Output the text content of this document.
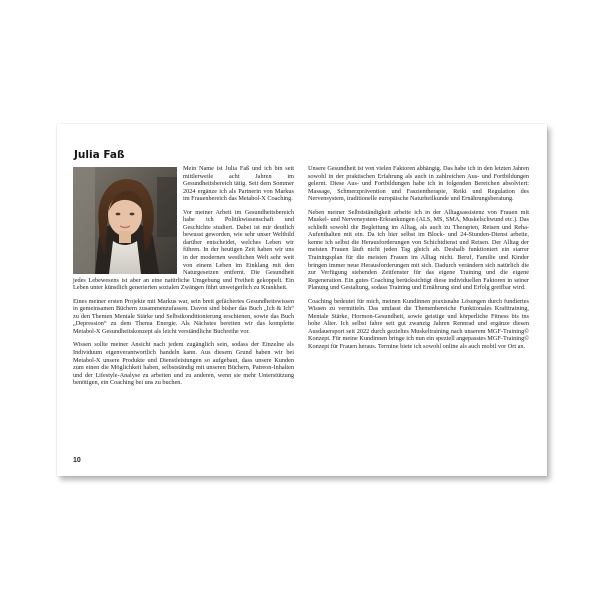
Julia Faß

Mein Name ist Julia Faß und ich bin seit mittlerweile acht Jahren im Gesundheitsbereich tätig. Seit dem Sommer 2024 ergänze ich als Partnerin von Markus im Frauenbereich das Metabol-X Coaching.

Vor meiner Arbeit im Gesundheitsbereich habe ich Politikwissenschaft und Geschichte studiert. Dabei ist mir deutlich bewusst geworden, wie sehr unser Weltbild darüber entscheidet, welches Leben wir führen. In der heutigen Zeit haben wir uns in der modernen westlichen Welt sehr weit von einem Leben im Einklang mit den Naturgesetzen entfernt. Die Gesundheit jedes Lebewesens ist aber an eine natürliche Umgebung und Freiheit gekoppelt. Ein Leben unter künstlich generierten sozialen Zwängen führt unweigerlich zu Krankheit.

Eines meiner ersten Projekte mit Markus war, sein breit gefächertes Gesundheitswissen in gemeinsamen Büchern zusammenzufassen. Davon sind bisher das Buch „Ich & Ich“ zu den Themen Mentale Stärke und Selbstkonditionierung erschienen, sowie das Buch „Depression“ zu dem Thema Energie. Als Nächstes bereiten wir das komplette Metabol-X Gesundheitskonzept als leicht verständliche Buchreihe vor.

Wissen sollte meiner Ansicht nach jedem zugänglich sein, sodass der Einzelne als Individuum eigenverantwortlich handeln kann. Aus diesem Grund haben wir bei Metabol-X unsere Produkte und Dienstleistungen so aufgebaut, dass unsere Kunden zum einen die Möglichkeit haben, selbstständig mit unseren Büchern, Patreon-Inhalten und der Lifestyle-Analyse zu arbeiten und zu anderen, wenn sie mehr Unterstützung benötigen, ein Coaching bei uns zu buchen.

Unsere Gesundheit ist von vielen Faktoren abhängig. Das habe ich in den letzten Jahren sowohl in der praktischen Erfahrung als auch in zahlreichen Aus- und Fortbildungen gelernt. Diese Aus- und Fortbildungen habe ich in folgenden Bereichen absolviert: Massage, Schmerzprävention und Faszientherapie, Reiki und Regulation des Nervensystem, traditionelle europäische Naturheilkunde und Ernährungsberatung.

Neben meiner Selbstständigkeit arbeite ich in der Alltagsassistenz von Frauen mit Muskel- und Nervensystem-Erkrankungen (ALS, MS, SMA, Muskelschwund etc.). Das schließt sowohl die Begleitung im Alltag, als auch zu Therapien, Reisen und Reha-Aufenthalten mit ein. Da ich hier selbst im Block- und 24-Stunden-Dienst arbeite, kenne ich selbst die Herausforderungen von Schichtdienst und Reisen. Der Alltag der meisten Frauen läuft nicht jeden Tag gleich ab. Deshalb funktioniert ein starrer Trainingsplan für die meisten Frauen im Alltag nicht. Beruf, Familie und Kinder bringen immer neue Herausforderungen mit sich. Dadurch verändern sich natürlich die zur Verfügung stehenden Zeitfenster für das eigene Training und die eigene Regeneration. Ein gutes Coaching berücksichtigt diese individuellen Faktoren in seiner Planung und Gestaltung, sodass Training und Ernährung sind und Erfolg greifbar wird.

Coaching bedeutet für mich, meinen Kundinnen praxisnahe Lösungen durch fundiertes Wissen zu vermitteln. Das umfasst die Themenbereiche Funktionales Krafttraining, Mentale Stärke, Hormon-Gesundheit, sowie geistige und körperliche Fitness bis ins hohe Alter. Ich selbst fahre seit gut zwanzig Jahren Rennrad und ergänze diesen Ausdauersport seit 2022 durch gezieltes Muskeltraining nach unserem MGF-Training© Konzept. Für meine Kundinnen bringe ich nun ein speziell angepasstes MGF-Training© Konzept für Frauen heraus. Termine biete ich sowohl online als auch mobil vor Ort an.

10
